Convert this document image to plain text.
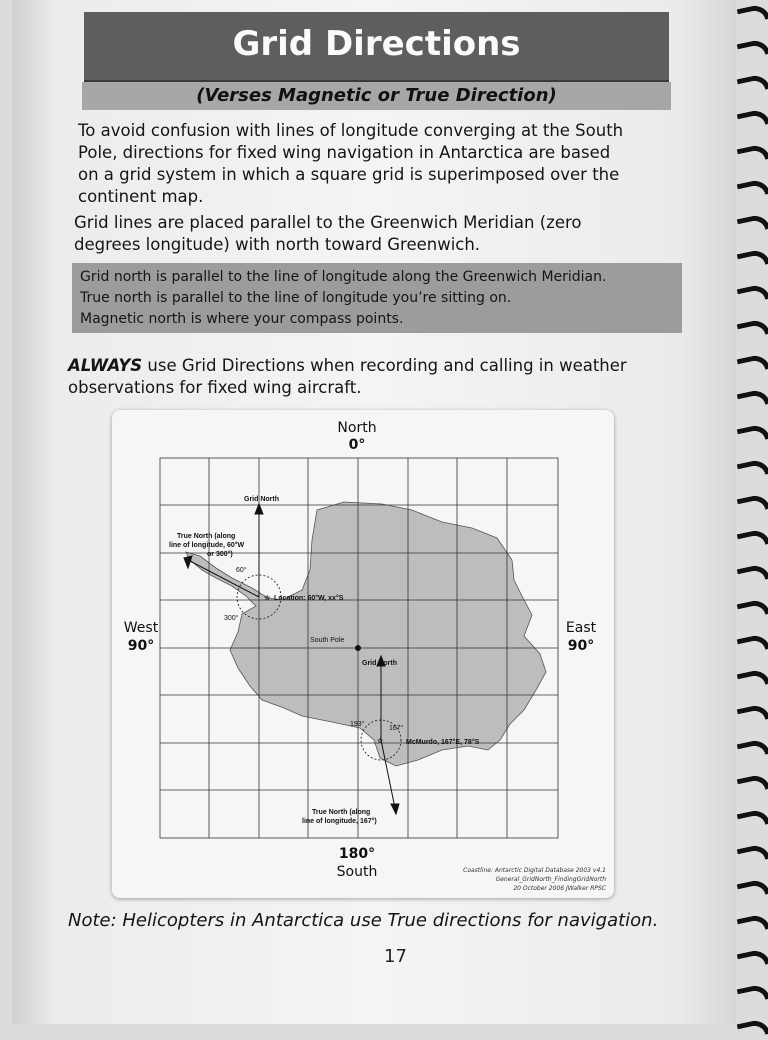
Grid Directions
(Verses Magnetic or True Direction)
To avoid confusion with lines of longitude converging at the South
Pole, directions for fixed wing navigation in Antarctica are based
on a grid system in which a square grid is superimposed over the
continent map.
Grid lines are placed parallel to the Greenwich Meridian (zero
degrees longitude) with north toward Greenwich.
Grid north is parallel to the line of longitude along the Greenwich Meridian.
True north is parallel to the line of longitude you’re sitting on.
Magnetic north is where your compass points.
ALWAYS use Grid Directions when recording and calling in weather
observations for fixed wing aircraft.
North
0°
West
90°
East
90°
180°
South
☆
☆
Grid North
True North (along
line of longitude, 60°W
or 300°)
60°
300°
Location: 60°W, xx°S
South Pole
Grid North
193°
167°
McMurdo, 167°E, 78°S
True North (along
line of longitude, 167°)
Coastline: Antarctic Digital Database 2003 v4.1
General_GridNorth_FindingGridNorth
20 October 2006 JWalker RPSC
Note: Helicopters in Antarctica use True directions for navigation.
17
